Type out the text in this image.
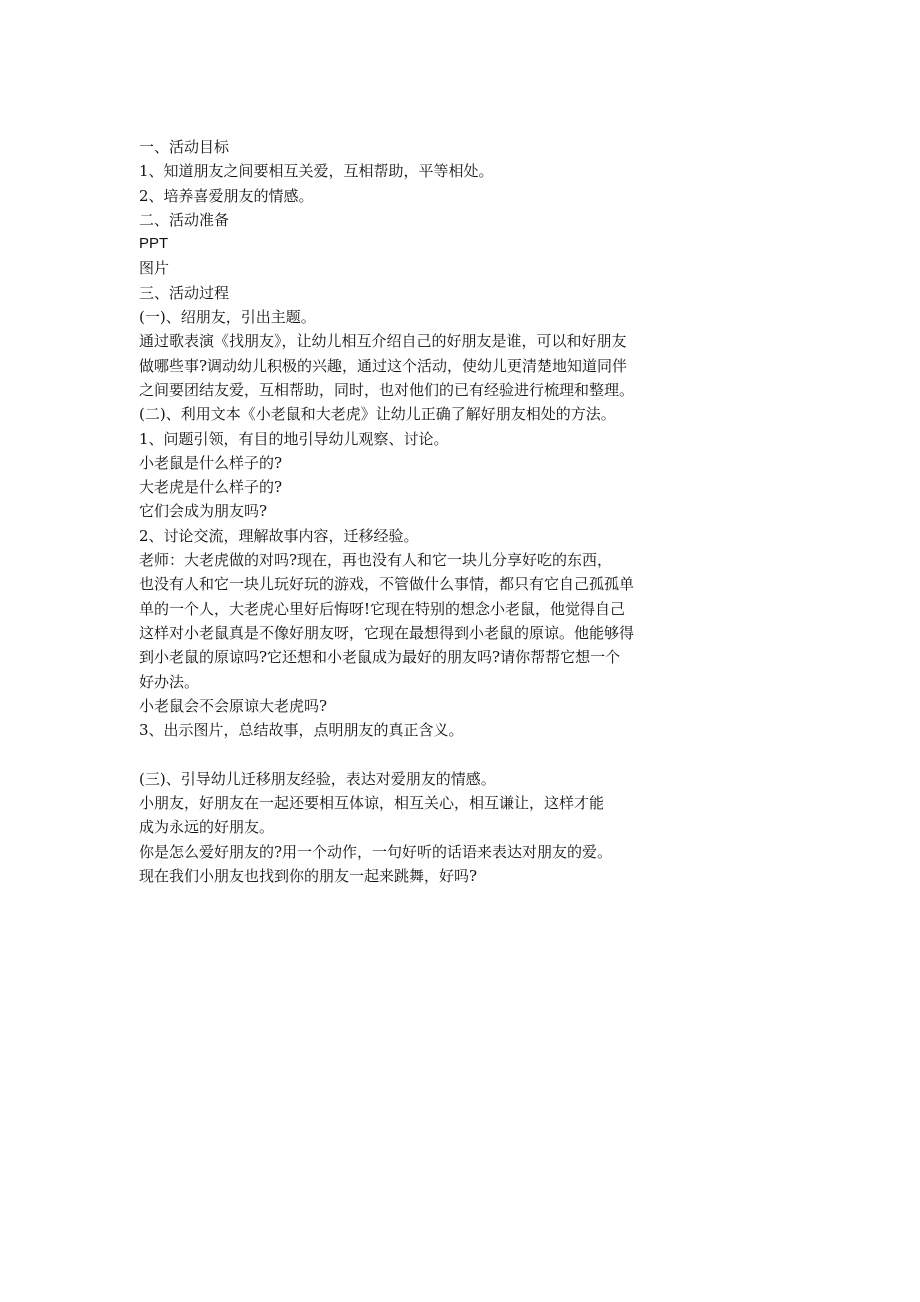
一、活动目标
1、知道朋友之间要相互关爱，互相帮助，平等相处。
2、培养喜爱朋友的情感。
二、活动准备
PPT
图片
三、活动过程
(一)、绍朋友，引出主题。
通过歌表演《找朋友》，让幼儿相互介绍自己的好朋友是谁，可以和好朋友
做哪些事?调动幼儿积极的兴趣，通过这个活动，使幼儿更清楚地知道同伴
之间要团结友爱，互相帮助，同时，也对他们的已有经验进行梳理和整理。
(二)、利用文本《小老鼠和大老虎》让幼儿正确了解好朋友相处的方法。
1、问题引领，有目的地引导幼儿观察、讨论。
小老鼠是什么样子的?
大老虎是什么样子的?
它们会成为朋友吗?
2、讨论交流，理解故事内容，迁移经验。
老师：大老虎做的对吗?现在，再也没有人和它一块儿分享好吃的东西，
也没有人和它一块儿玩好玩的游戏，不管做什么事情，都只有它自己孤孤单
单的一个人，大老虎心里好后悔呀!它现在特别的想念小老鼠，他觉得自己
这样对小老鼠真是不像好朋友呀，它现在最想得到小老鼠的原谅。他能够得
到小老鼠的原谅吗?它还想和小老鼠成为最好的朋友吗?请你帮帮它想一个
好办法。
小老鼠会不会原谅大老虎吗?
3、出示图片，总结故事，点明朋友的真正含义。
(三)、引导幼儿迁移朋友经验，表达对爱朋友的情感。
小朋友，好朋友在一起还要相互体谅，相互关心，相互谦让，这样才能
成为永远的好朋友。
你是怎么爱好朋友的?用一个动作，一句好听的话语来表达对朋友的爱。
现在我们小朋友也找到你的朋友一起来跳舞，好吗?
